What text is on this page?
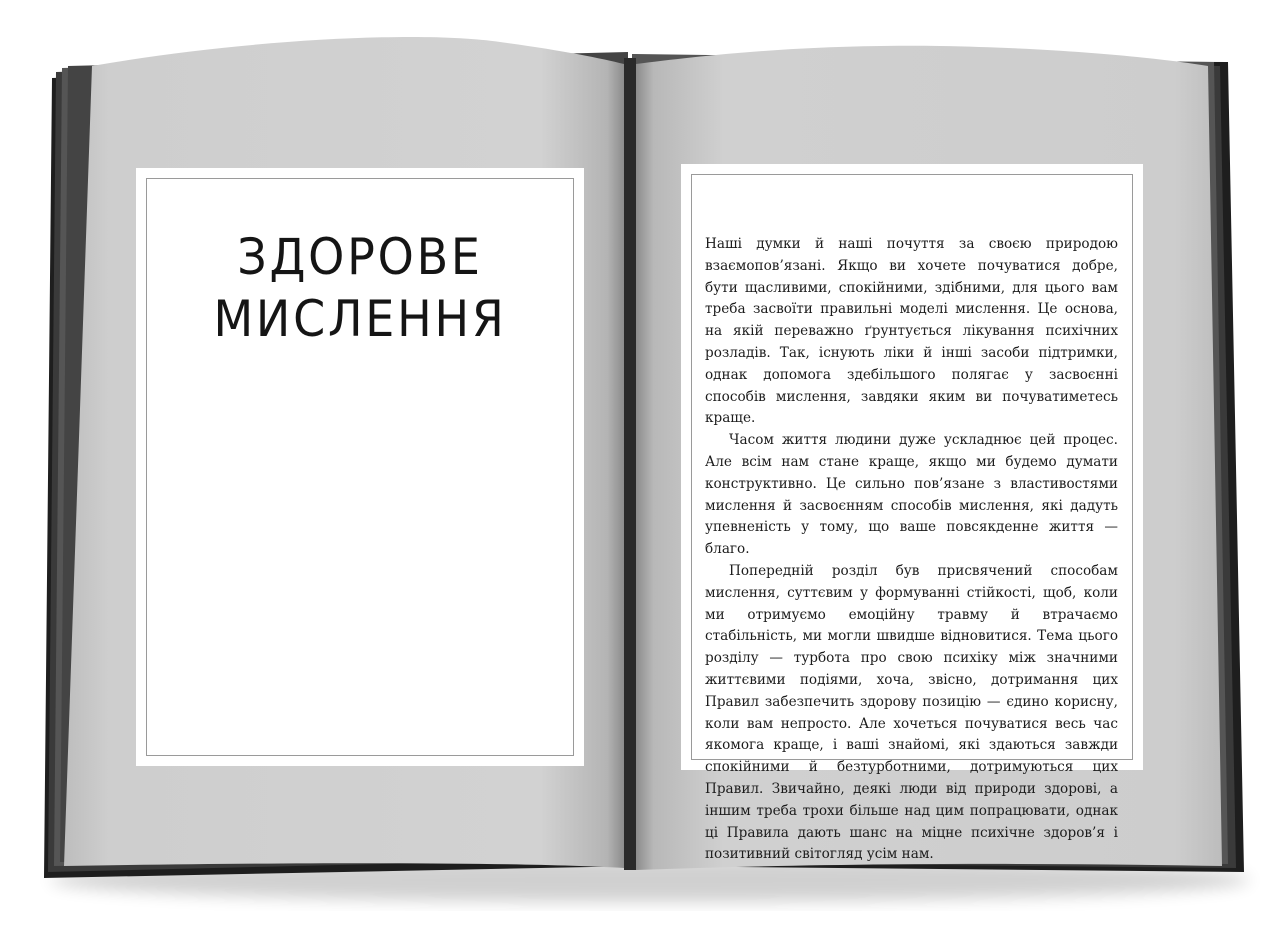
ЗДОРОВЕ
МИСЛЕННЯ

Наші думки й наші почуття за своєю природою взаємопов’язані. Якщо ви хочете почуватися добре, бути щасливими, спокійними, здібними, для цього вам треба засвоїти правильні моделі мислення. Це основа, на якій переважно ґрунтується лікування психічних розладів. Так, існують ліки й інші засоби підтримки, однак допомога здебільшого полягає у засвоєнні способів мислення, завдяки яким ви почуватиметесь краще.

Часом життя людини дуже ускладнює цей процес. Але всім нам стане краще, якщо ми будемо думати конструктивно. Це сильно пов’язане з властивостями мислення й засвоєнням способів мислення, які дадуть упевненість у тому, що ваше повсякденне життя — благо.

Попередній розділ був присвячений способам мислення, суттєвим у формуванні стійкості, щоб, коли ми отримуємо емоційну травму й втрачаємо стабільність, ми могли швидше відновитися. Тема цього розділу — турбота про свою психіку між значними життєвими подіями, хоча, звісно, дотримання цих Правил забезпечить здорову позицію — єдино корисну, коли вам непросто. Але хочеться почуватися весь час якомога краще, і ваші знайомі, які здаються завжди спокійними й безтурботними, дотримуються цих Правил. Звичайно, деякі люди від природи здорові, а іншим треба трохи більше над цим попрацювати, однак ці Правила дають шанс на міцне психічне здоров’я і позитивний світогляд усім нам.
